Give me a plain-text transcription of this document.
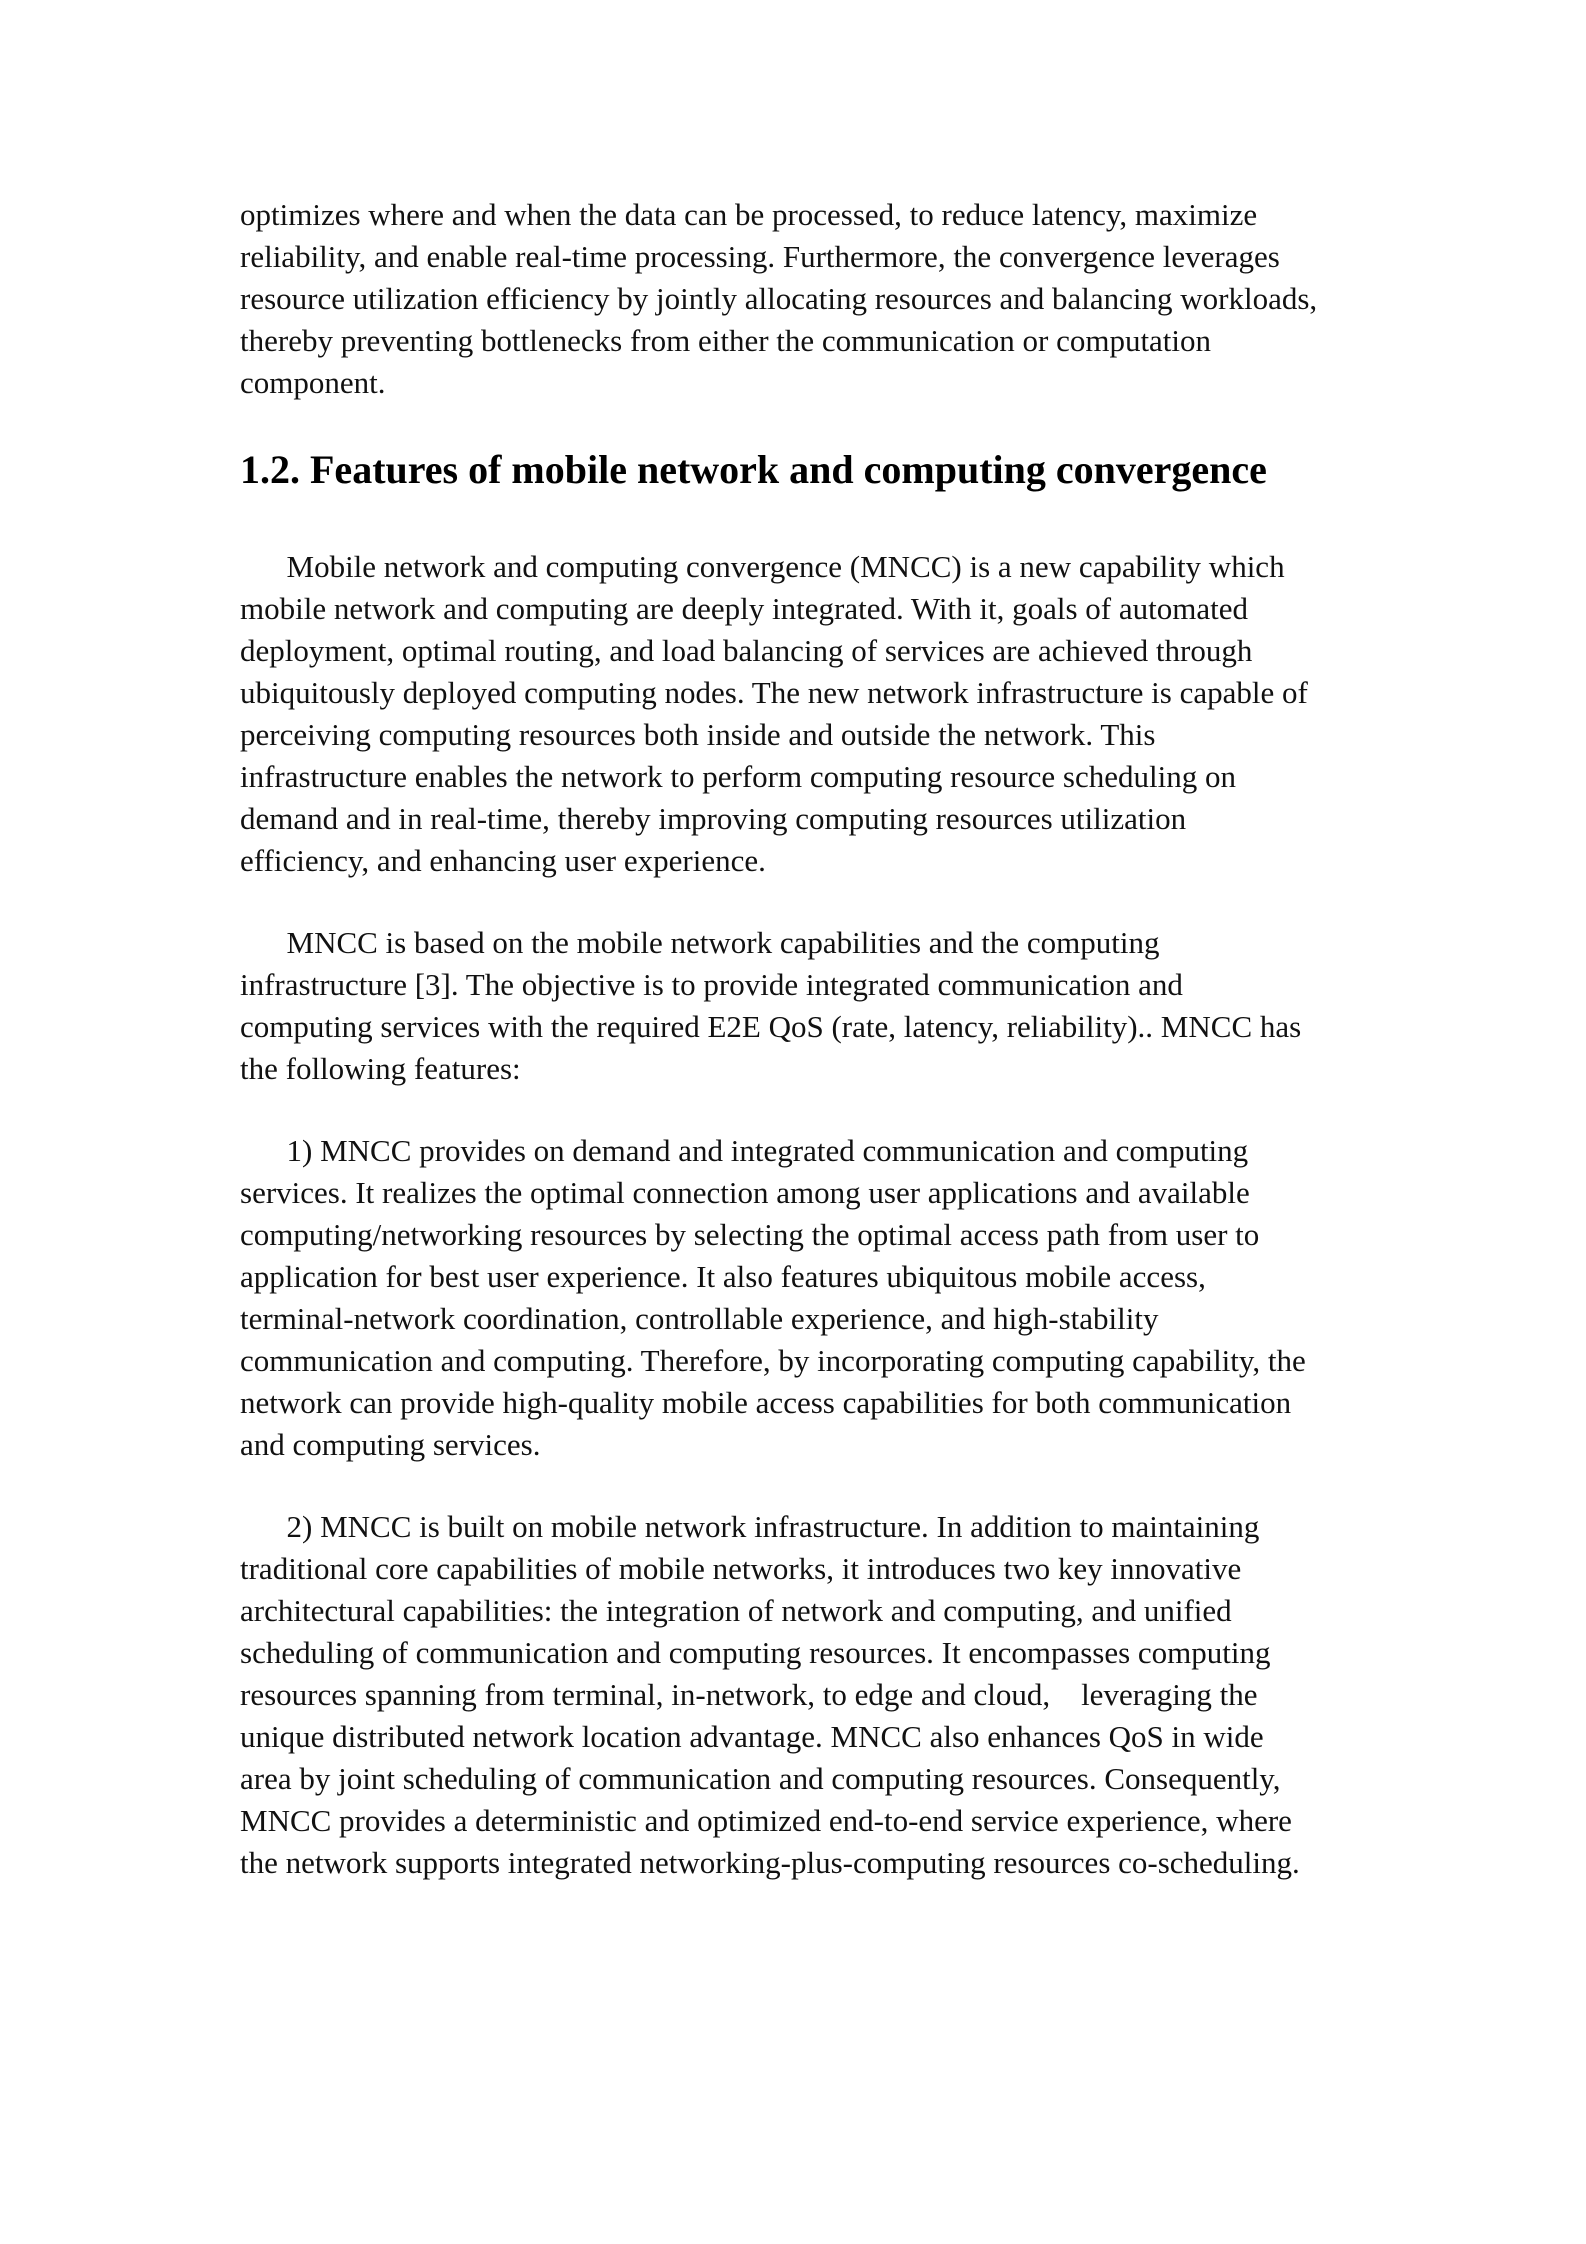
optimizes where and when the data can be processed, to reduce latency, maximize
reliability, and enable real-time processing. Furthermore, the convergence leverages
resource utilization efficiency by jointly allocating resources and balancing workloads,
thereby preventing bottlenecks from either the communication or computation
component.
1.2. Features of mobile network and computing convergence
Mobile network and computing convergence (MNCC) is a new capability which
mobile network and computing are deeply integrated. With it, goals of automated
deployment, optimal routing, and load balancing of services are achieved through
ubiquitously deployed computing nodes. The new network infrastructure is capable of
perceiving computing resources both inside and outside the network. This
infrastructure enables the network to perform computing resource scheduling on
demand and in real-time, thereby improving computing resources utilization
efficiency, and enhancing user experience.
MNCC is based on the mobile network capabilities and the computing
infrastructure [3]. The objective is to provide integrated communication and
computing services with the required E2E QoS (rate, latency, reliability).. MNCC has
the following features:
1) MNCC provides on demand and integrated communication and computing
services. It realizes the optimal connection among user applications and available
computing/networking resources by selecting the optimal access path from user to
application for best user experience. It also features ubiquitous mobile access,
terminal-network coordination, controllable experience, and high-stability
communication and computing. Therefore, by incorporating computing capability, the
network can provide high-quality mobile access capabilities for both communication
and computing services.
2) MNCC is built on mobile network infrastructure. In addition to maintaining
traditional core capabilities of mobile networks, it introduces two key innovative
architectural capabilities: the integration of network and computing, and unified
scheduling of communication and computing resources. It encompasses computing
resources spanning from terminal, in-network, to edge and cloud,    leveraging the
unique distributed network location advantage. MNCC also enhances QoS in wide
area by joint scheduling of communication and computing resources. Consequently,
MNCC provides a deterministic and optimized end-to-end service experience, where
the network supports integrated networking-plus-computing resources co-scheduling.
